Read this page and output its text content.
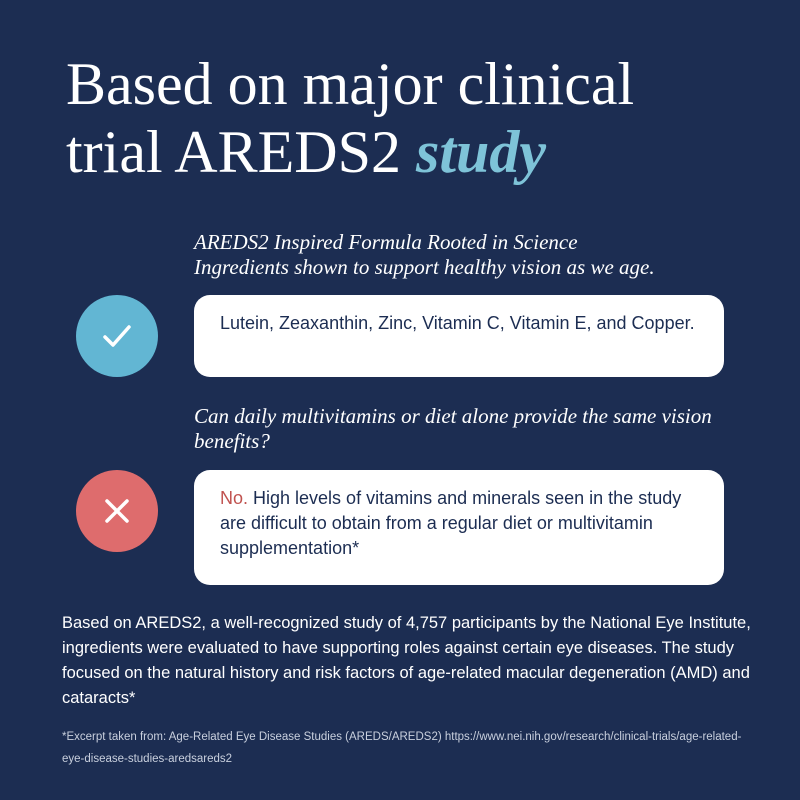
Based on major clinical
trial AREDS2 study
AREDS2 Inspired Formula Rooted in Science
Ingredients shown to support healthy vision as we age.
Lutein, Zeaxanthin, Zinc, Vitamin C, Vitamin E, and Copper.
Can daily multivitamins or diet alone provide the same vision benefits?
No. High levels of vitamins and minerals seen in the study are difficult to obtain from a regular diet or multivitamin supplementation*
Based on AREDS2, a well-recognized study of 4,757 participants by the National Eye Institute, ingredients were evaluated to have supporting roles against certain eye diseases. The study focused on the natural history and risk factors of age-related macular degeneration (AMD) and cataracts*
*Excerpt taken from: Age-Related Eye Disease Studies (AREDS/AREDS2) https://www.nei.nih.gov/research/clinical-trials/age-related-eye-disease-studies-aredsareds2
